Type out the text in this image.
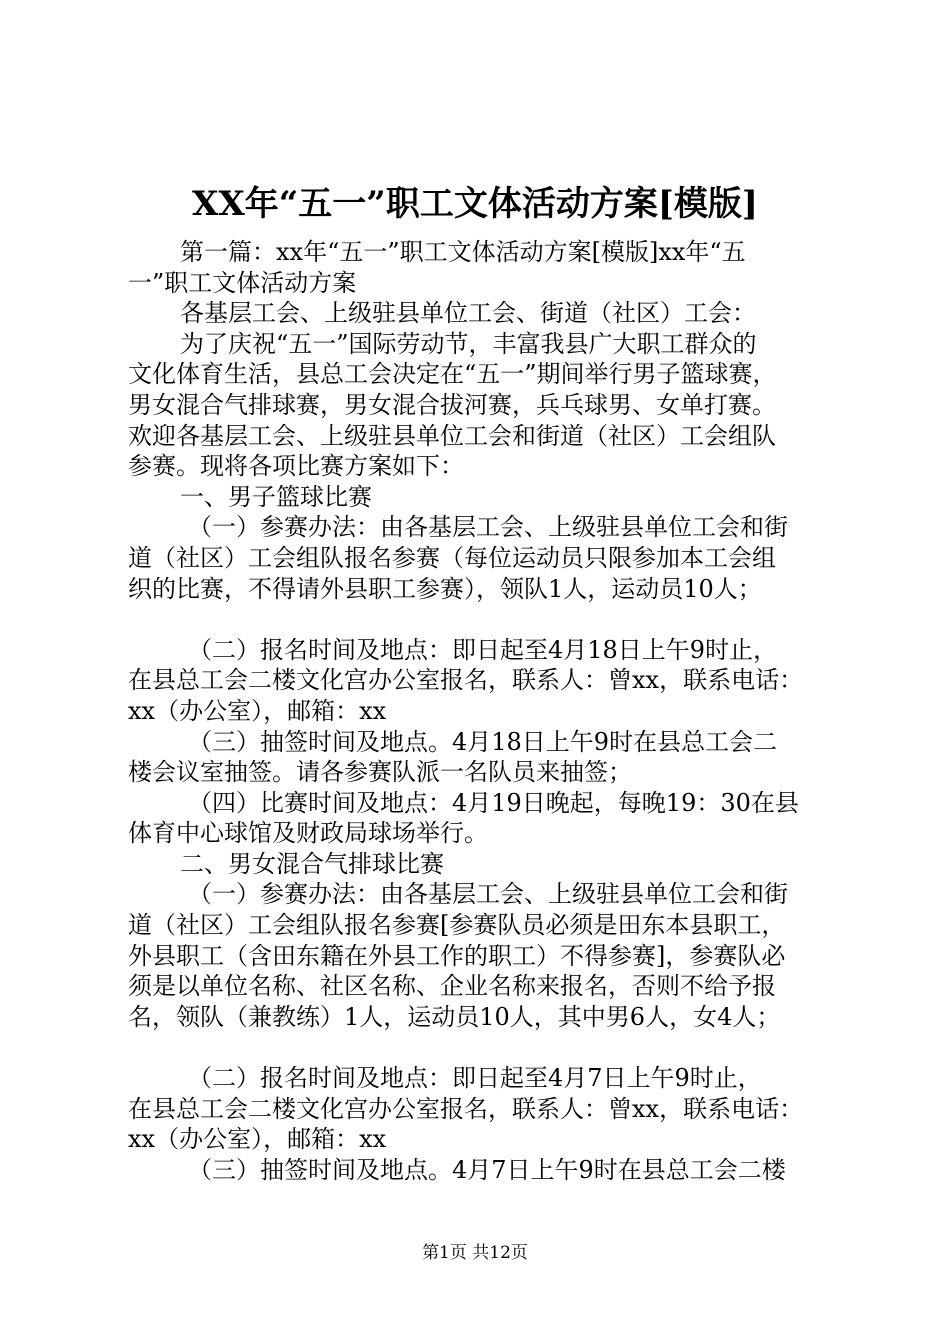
XX年“五一”职工文体活动方案[模版]
第一篇：xx年“五一”职工文体活动方案[模版]xx年“五
一”职工文体活动方案
各基层工会、上级驻县单位工会、街道（社区）工会：
为了庆祝“五一”国际劳动节，丰富我县广大职工群众的
文化体育生活，县总工会决定在“五一”期间举行男子篮球赛，
男女混合气排球赛，男女混合拔河赛，兵乓球男、女单打赛。
欢迎各基层工会、上级驻县单位工会和街道（社区）工会组队
参赛。现将各项比赛方案如下：
一、男子篮球比赛
（一）参赛办法：由各基层工会、上级驻县单位工会和街
道（社区）工会组队报名参赛（每位运动员只限参加本工会组
织的比赛，不得请外县职工参赛），领队1人，运动员10人；
（二）报名时间及地点：即日起至4月18日上午9时止，
在县总工会二楼文化宫办公室报名，联系人：曾xx，联系电话：
xx（办公室），邮箱：xx
（三）抽签时间及地点。4月18日上午9时在县总工会二
楼会议室抽签。请各参赛队派一名队员来抽签；
（四）比赛时间及地点：4月19日晚起，每晚19：30在县
体育中心球馆及财政局球场举行。
二、男女混合气排球比赛
（一）参赛办法：由各基层工会、上级驻县单位工会和街
道（社区）工会组队报名参赛[参赛队员必须是田东本县职工，
外县职工（含田东籍在外县工作的职工）不得参赛]，参赛队必
须是以单位名称、社区名称、企业名称来报名，否则不给予报
名，领队（兼教练）1人，运动员10人，其中男6人，女4人；
（二）报名时间及地点：即日起至4月7日上午9时止，
在县总工会二楼文化宫办公室报名，联系人：曾xx，联系电话：
xx（办公室），邮箱：xx
（三）抽签时间及地点。4月7日上午9时在县总工会二楼
第1页 共12页
